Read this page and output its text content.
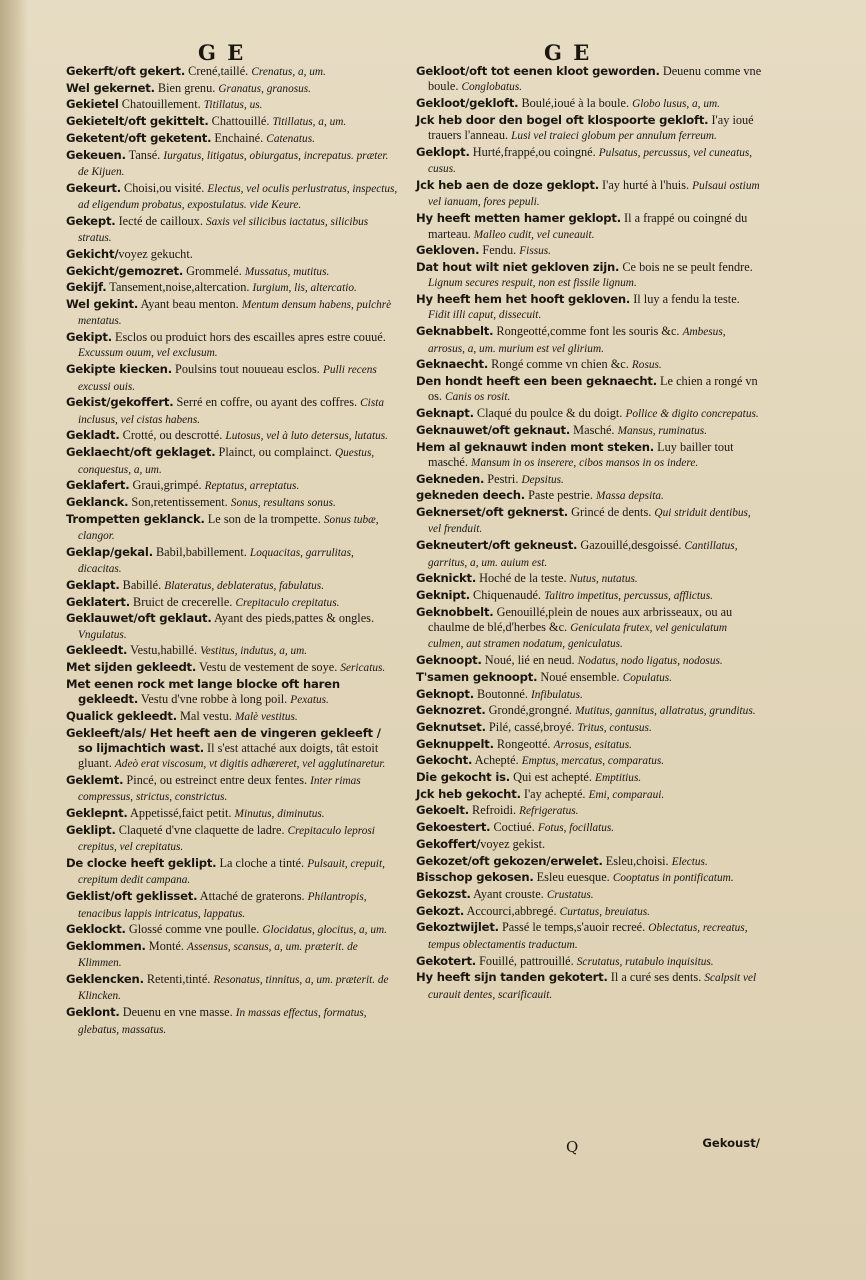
G E	G E
Gekerft/oft gekert. Crené,taillé. Crenatus, a, um.
Wel gekernet. Bien grenu. Granatus, granosus.
Gekietel Chatouillement. Titillatus, us.
Gekietelt/oft gekittelt. Chattouillé. Titillatus, a, um.
Geketent/oft geketent. Enchainé. Catenatus.
Gekeuen. Tansé. Iurgatus, litigatus, obiurgatus, increpatus. præter. de Kijuen.
Gekeurt. Choisi,ou visité. Electus, vel oculis perlustratus, inspectus, ad eligendum probatus, expostulatus. vide Keure.
Gekept. Iecté de cailloux. Saxis vel silicibus iactatus, silicibus stratus.
Gekicht/voyez gekucht.
Gekicht/gemozret. Grommelé. Mussatus, mutitus.
Gekijf. Tansement,noise,altercation. Iurgium, lis, altercatio.
Wel gekint. Ayant beau menton. Mentum densum habens, pulchrè mentatus.
Gekipt. Esclos ou produict hors des escailles apres estre couué. Excussum ouum, vel exclusum.
Gekipte kiecken. Poulsins tout nouueau esclos. Pulli recens excussi ouis.
Gekist/gekoffert. Serré en coffre, ou ayant des coffres. Cista inclusus, vel cistas habens.
Gekladt. Crotté, ou descrotté. Lutosus, vel à luto detersus, lutatus.
Geklaecht/oft geklaget. Plainct, ou complainct. Questus, conquestus, a, um.
Geklafert. Graui,grimpé. Reptatus, arreptatus.
Geklanck. Son,retentissement. Sonus, resultans sonus.
Trompetten geklanck. Le son de la trompette. Sonus tubæ, clangor.
Geklap/gekal. Babil,babillement. Loquacitas, garrulitas, dicacitas.
Geklapt. Babillé. Blateratus, deblateratus, fabulatus.
Geklatert. Bruict de crecerelle. Crepitaculo crepitatus.
Geklauwet/oft geklaut. Ayant des pieds,pattes & ongles. Vngulatus.
Gekleedt. Vestu,habillé. Vestitus, indutus, a, um.
Met sijden gekleedt. Vestu de vestement de soye. Sericatus.
Met eenen rock met lange blocke oft haren gekleedt. Vestu d'vne robbe à long poil. Pexatus.
Qualick gekleedt. Mal vestu. Malè vestitus.
Gekleeft/als/ Het heeft aen de vingeren gekleeft / so lijmachtich wast. Il s'est attaché aux doigts, tât estoit gluant. Adeò erat viscosum, vt digitis adhæreret, vel agglutinaretur.
Geklemt. Pincé, ou estreinct entre deux fentes. Inter rimas compressus, strictus, constrictus.
Geklepnt. Appetissé,faict petit. Minutus, diminutus.
Geklipt. Claqueté d'vne claquette de ladre. Crepitaculo leprosi crepitus, vel crepitatus.
De clocke heeft geklipt. La cloche a tinté. Pulsauit, crepuit, crepitum dedit campana.
Geklist/oft geklisset. Attaché de graterons. Philantropis, tenacibus lappis intricatus, lappatus.
Geklockt. Glossé comme vne poulle. Glocidatus, glocitus, a, um.
Geklommen. Monté. Assensus, scansus, a, um. præterit. de Klimmen.
Geklencken. Retenti,tinté. Resonatus, tinnitus, a, um. præterit. de Klincken.
Geklont. Deuenu en vne masse. In massas effectus, formatus, glebatus, massatus.
Gekloot/oft tot eenen kloot geworden. Deuenu comme vne boule. Conglobatus.
Gekloot/gekloft. Boulé,ioué à la boule. Globo lusus, a, um.
Jck heb door den bogel oft klospoorte gekloft. I'ay ioué trauers l'anneau. Lusi vel traieci globum per annulum ferreum.
Geklopt. Hurté,frappé,ou coingné. Pulsatus, percussus, vel cuneatus, cusus.
Jck heb aen de doze geklopt. I'ay hurté à l'huis. Pulsaui ostium vel ianuam, fores pepuli.
Hy heeft metten hamer geklopt. Il a frappé ou coingné du marteau. Malleo cudit, vel cuneauit.
Gekloven. Fendu. Fissus.
Dat hout wilt niet gekloven zijn. Ce bois ne se peult fendre. Lignum secures respuit, non est fissile lignum.
Hy heeft hem het hooft gekloven. Il luy a fendu la teste. Fidit illi caput, dissecuit.
Geknabbelt. Rongeotté,comme font les souris &c. Ambesus, arrosus, a, um. murium est vel glirium.
Geknaecht. Rongé comme vn chien &c. Rosus.
Den hondt heeft een been geknaecht. Le chien a rongé vn os. Canis os rosit.
Geknapt. Claqué du poulce & du doigt. Pollice & digito concrepatus.
Geknauwet/oft geknaut. Masché. Mansus, ruminatus.
Hem al geknauwt inden mont steken. Luy bailler tout masché. Mansum in os inserere, cibos mansos in os indere.
Gekneden. Pestri. Depsitus.
gekneden deech. Paste pestrie. Massa depsita.
Geknerset/oft geknerst. Grincé de dents. Qui striduit dentibus, vel frenduit.
Gekneutert/oft gekneust. Gazouillé,desgoissé. Cantillatus, garritus, a, um. auium est.
Geknickt. Hoché de la teste. Nutus, nutatus.
Geknipt. Chiquenaudé. Talitro impetitus, percussus, afflictus.
Geknobbelt. Genouillé,plein de noues aux arbrisseaux, ou au chaulme de blé,d'herbes &c. Geniculata frutex, vel geniculatum culmen, aut stramen nodatum, geniculatus.
Geknoopt. Noué, lié en neud. Nodatus, nodo ligatus, nodosus.
T'samen geknoopt. Noué ensemble. Copulatus.
Geknopt. Boutonné. Infibulatus.
Geknozret. Grondé,grongné. Mutitus, gannitus, allatratus, grunditus.
Geknutset. Pilé, cassé,broyé. Tritus, contusus.
Geknuppelt. Rongeotté. Arrosus, esitatus.
Gekocht. Achepté. Emptus, mercatus, comparatus.
Die gekocht is. Qui est achepté. Emptitius.
Jck heb gekocht. I'ay achepté. Emi, comparaui.
Gekoelt. Refroidi. Refrigeratus.
Gekoestert. Coctiué. Fotus, focillatus.
Gekoffert/voyez gekist.
Gekozet/oft gekozen/erwelet. Esleu,choisi. Electus.
Bisschop gekosen. Esleu euesque. Cooptatus in pontificatum.
Gekozst. Ayant crouste. Crustatus.
Gekozt. Accourci,abbregé. Curtatus, breuiatus.
Gekoztwijlet. Passé le temps,s'auoir recreé. Oblectatus, recreatus, tempus oblectamentis traductum.
Gekotert. Fouillé, pattrouillé. Scrutatus, rutabulo inquisitus.
Hy heeft sijn tanden gekotert. Il a curé ses dents. Scalpsit vel curauit dentes, scarificauit.
Q	Gekoust/
